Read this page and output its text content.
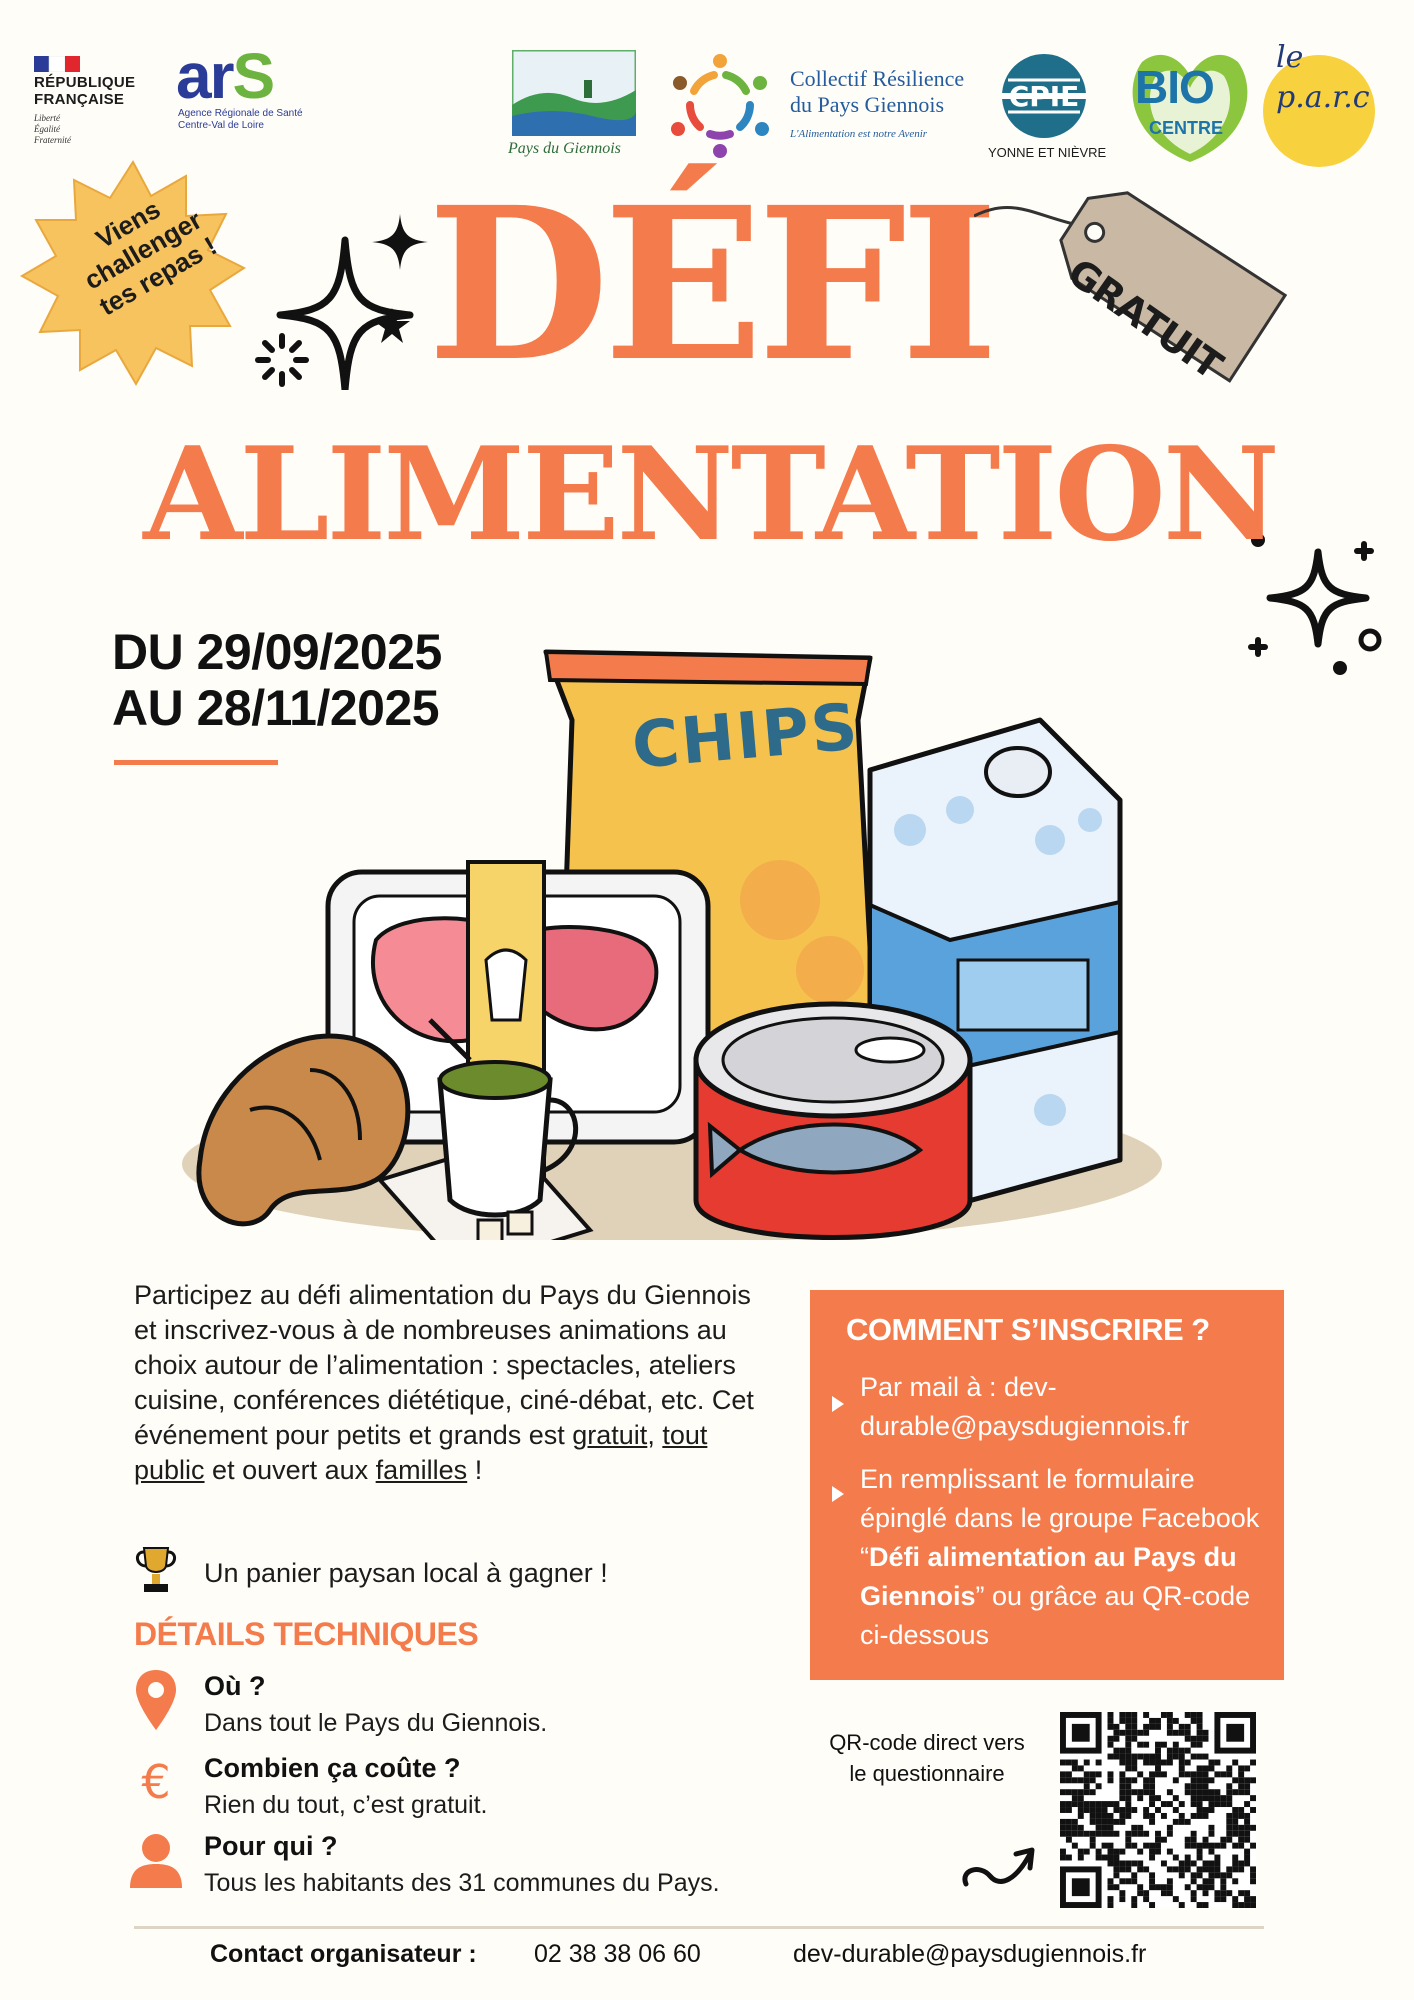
RÉPUBLIQUE
FRANÇAISE
Liberté
Égalité
Fraternité
arS
Agence Régionale de Santé
Centre-Val de Loire
Pays du Giennois
Collectif Résilience
du Pays Giennois
L'Alimentation est notre Avenir
CPIE
YONNE ET NIÈVRE
BIO
CENTRE
le
p.a.r.c
Viens challenger tes repas ! DÉFI
ALIMENTATION
GRATUIT
DU 29/09/2025
AU 28/11/2025	CHIPS
Participez au défi alimentation du Pays du Giennois et inscrivez-vous à de nombreuses animations au choix autour de l’alimentation : spectacles, ateliers cuisine, conférences diététique, ciné-débat, etc. Cet événement pour petits et grands est gratuit, tout public et ouvert aux familles !
Un panier paysan local à gagner !
DÉTAILS TECHNIQUES
Où ?
Dans tout le Pays du Giennois.
€ Combien ça coûte ?
Rien du tout, c’est gratuit.
Pour qui ?
Tous les habitants des 31 communes du Pays.
COMMENT S’INSCRIRE ?
Par mail à : dev-durable@paysdugiennois.fr
En remplissant le formulaire épinglé dans le groupe Facebook “Défi alimentation au Pays du Giennois” ou grâce au QR-code ci-dessous
QR-code direct vers le questionnaire
Contact organisateur : 02 38 38 06 60	dev-durable@paysdugiennois.fr
